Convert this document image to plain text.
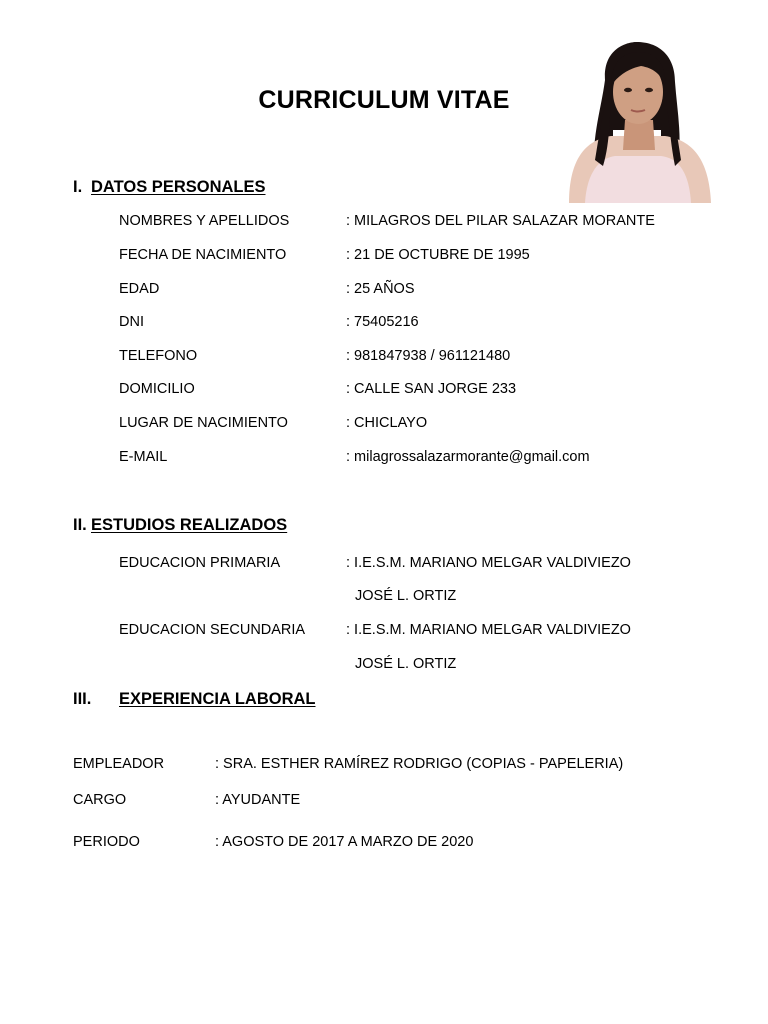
CURRICULUM VITAE
I. DATOS PERSONALES
NOMBRES Y APELLIDOS	: MILAGROS DEL PILAR SALAZAR MORANTE
FECHA DE NACIMIENTO	: 21 DE OCTUBRE DE 1995
EDAD	: 25 AÑOS
DNI	: 75405216
TELEFONO	: 981847938 / 961121480
DOMICILIO	: CALLE SAN JORGE 233
LUGAR DE NACIMIENTO	: CHICLAYO
E-MAIL	: milagrossalazarmorante@gmail.com
II. ESTUDIOS REALIZADOS
EDUCACION PRIMARIA	: I.E.S.M. MARIANO MELGAR VALDIVIEZO
JOSÉ L. ORTIZ
EDUCACION SECUNDARIA	: I.E.S.M. MARIANO MELGAR VALDIVIEZO
JOSÉ L. ORTIZ
III. EXPERIENCIA LABORAL
EMPLEADOR	: SRA. ESTHER RAMÍREZ RODRIGO (COPIAS - PAPELERIA)
CARGO	: AYUDANTE
PERIODO	: AGOSTO DE 2017 A MARZO DE 2020
